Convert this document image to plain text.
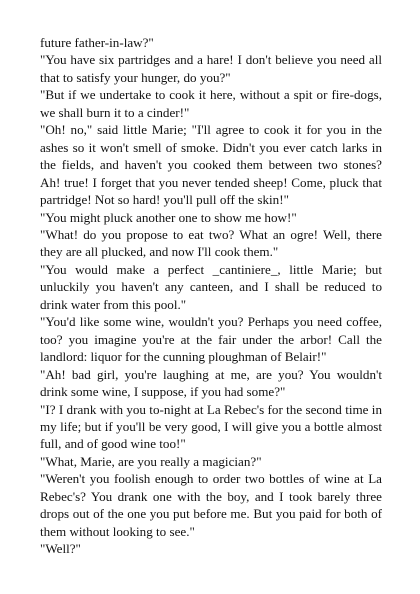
future father-in-law?"

"You have six partridges and a hare! I don't believe you need all that to satisfy your hunger, do you?"

"But if we undertake to cook it here, without a spit or fire-dogs, we shall burn it to a cinder!"

"Oh! no," said little Marie; "I'll agree to cook it for you in the ashes so it won't smell of smoke. Didn't you ever catch larks in the fields, and haven't you cooked them between two stones? Ah! true! I forget that you never tended sheep! Come, pluck that partridge! Not so hard! you'll pull off the skin!"

"You might pluck another one to show me how!"

"What! do you propose to eat two? What an ogre! Well, there they are all plucked, and now I'll cook them."

"You would make a perfect _cantiniere_, little Marie; but unluckily you haven't any canteen, and I shall be reduced to drink water from this pool."

"You'd like some wine, wouldn't you? Perhaps you need coffee, too? you imagine you're at the fair under the arbor! Call the landlord: liquor for the cunning ploughman of Belair!"

"Ah! bad girl, you're laughing at me, are you? You wouldn't drink some wine, I suppose, if you had some?"

"I? I drank with you to-night at La Rebec's for the second time in my life; but if you'll be very good, I will give you a bottle almost full, and of good wine too!"

"What, Marie, are you really a magician?"

"Weren't you foolish enough to order two bottles of wine at La Rebec's? You drank one with the boy, and I took barely three drops out of the one you put before me. But you paid for both of them without looking to see."

"Well?"
